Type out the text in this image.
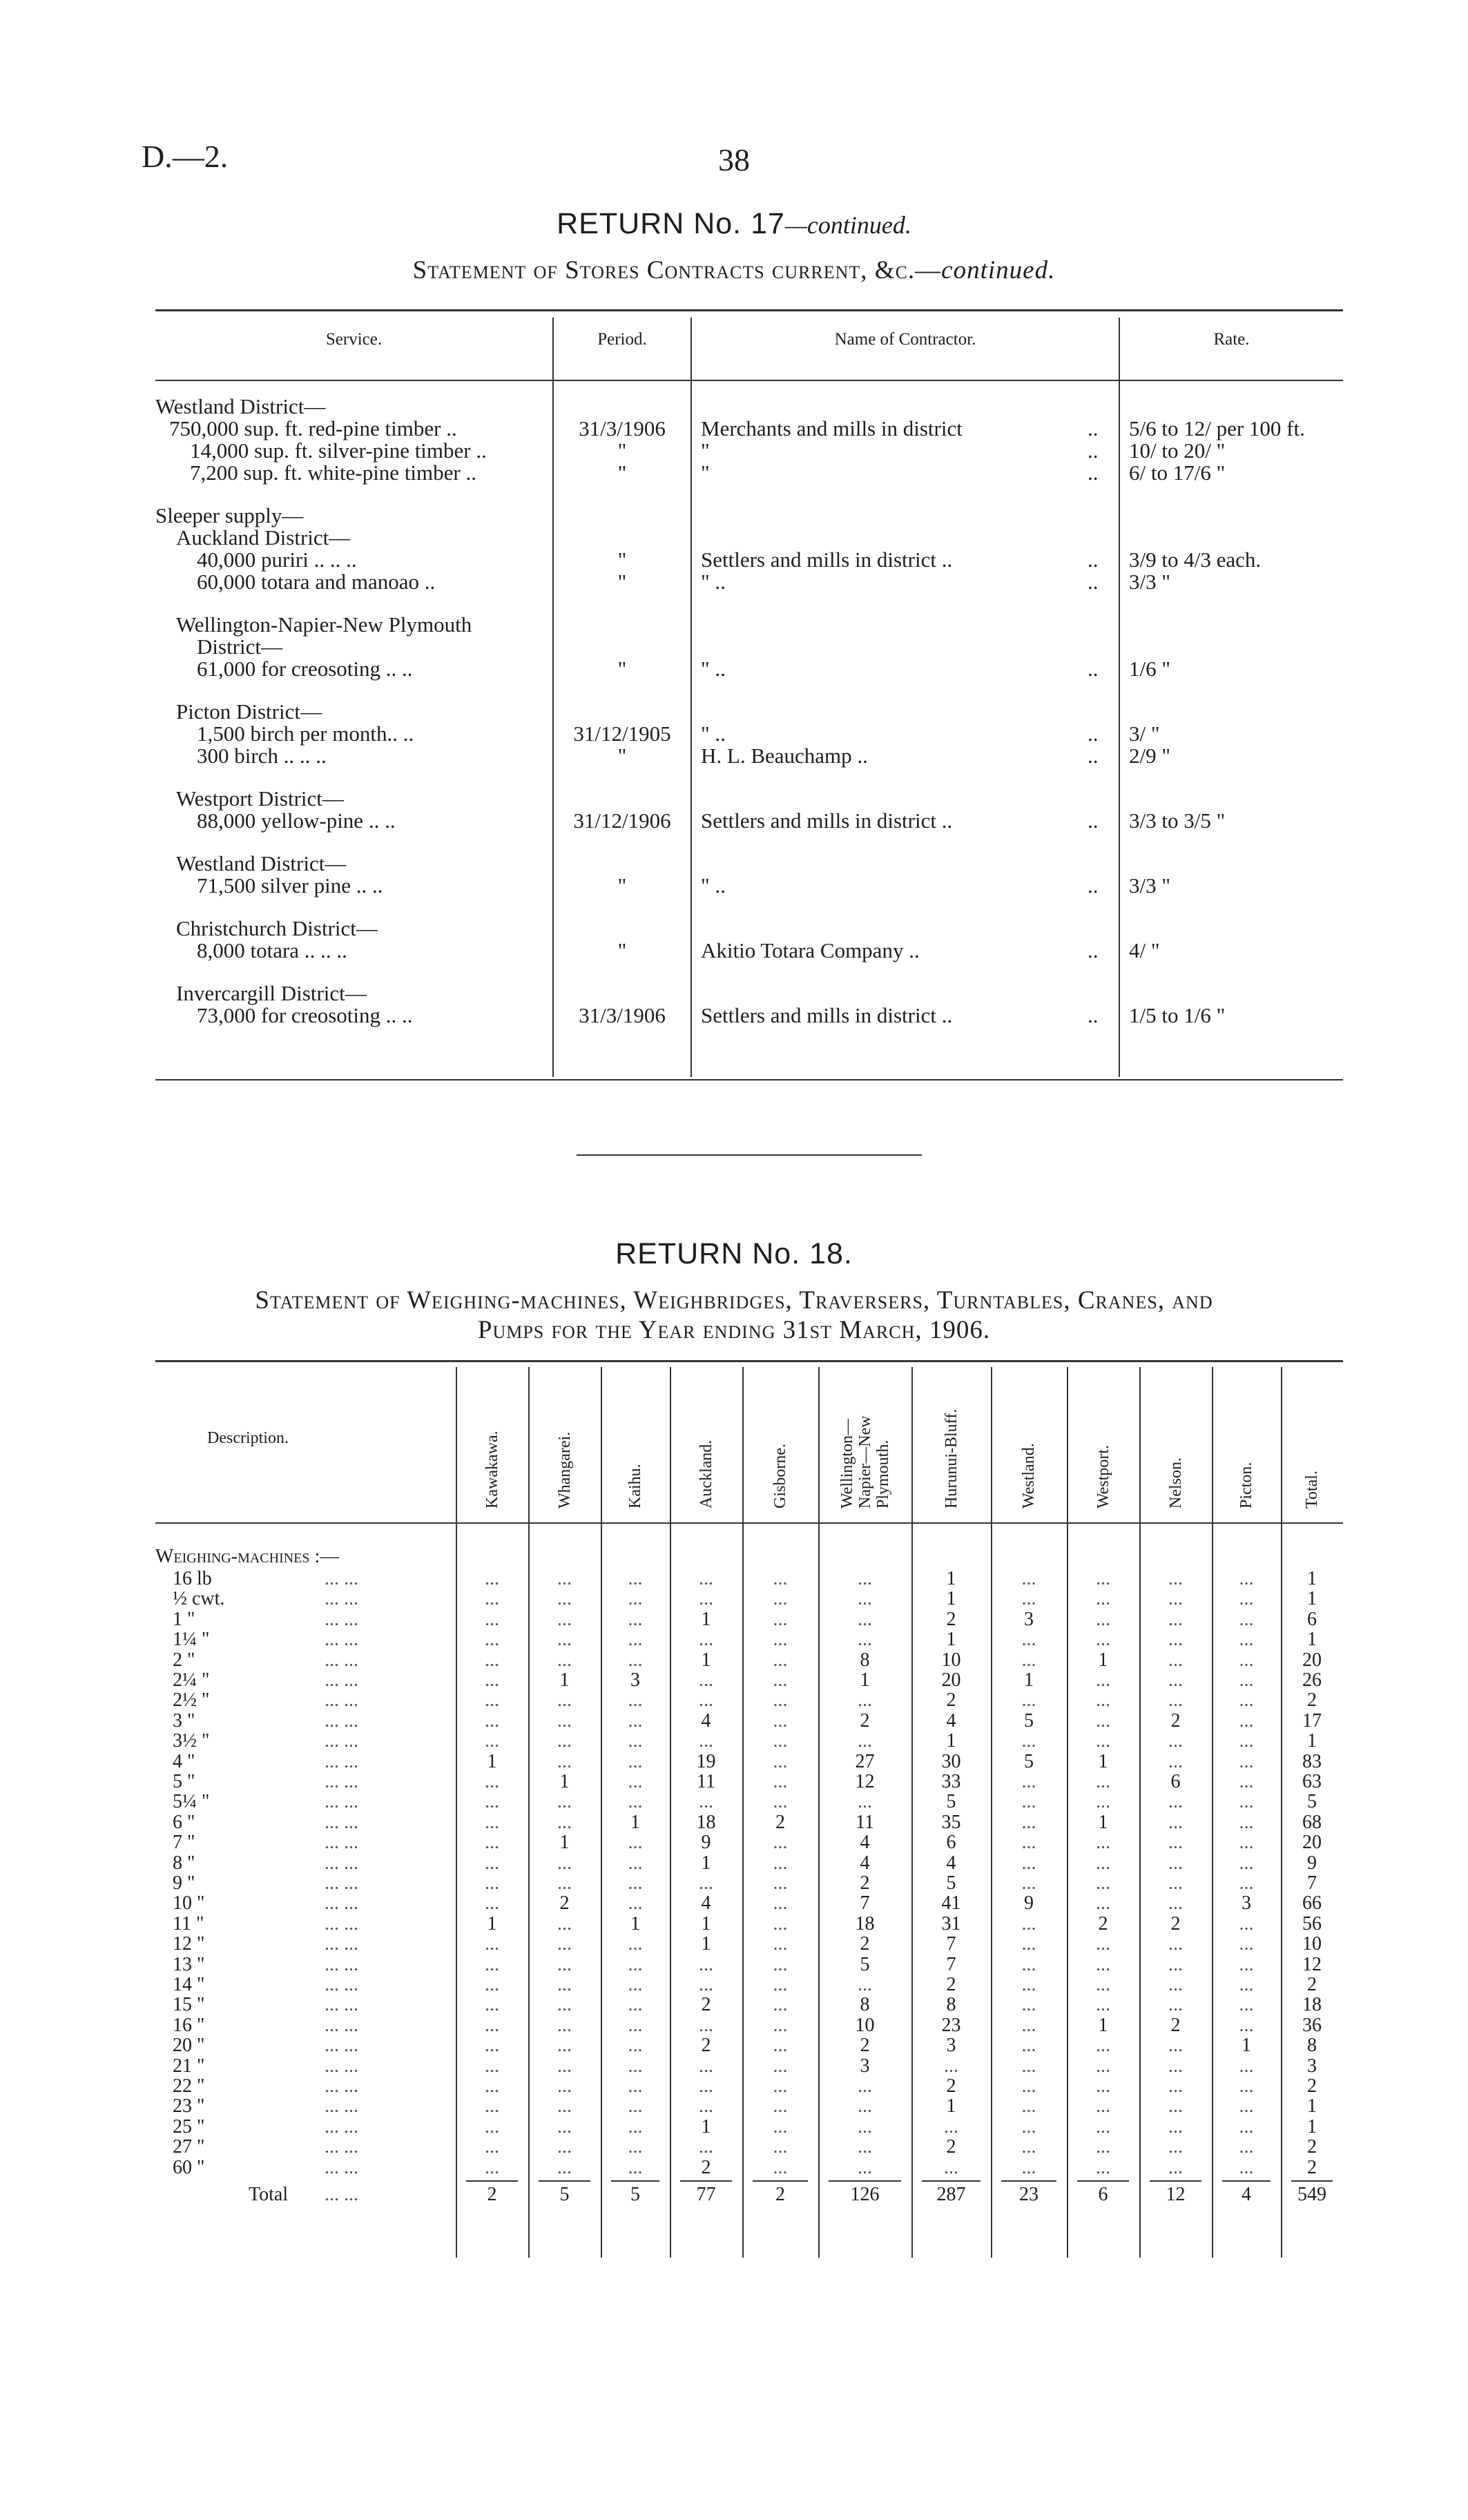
D.—2.	38
RETURN No. 17—continued.
Statement of Stores Contracts current, &c.—continued.
Service.	Period.	Name of Contractor.	Rate.
Westland District—
750,000 sup. ft. red-pine timber ..	31/3/1906	Merchants and mills in district	.. 5/6 to 12/ per 100 ft.
14,000 sup. ft. silver-pine timber ..	"	"	.. 10/ to 20/ "
7,200 sup. ft. white-pine timber ..	"	"	.. 6/ to 17/6 "
Sleeper supply—
Auckland District—
40,000 puriri .. .. ..	"	Settlers and mills in district ..	.. 3/9 to 4/3 each.
60,000 totara and manoao ..	"	" ..	.. 3/3 "
Wellington-Napier-New Plymouth
District—
61,000 for creosoting .. ..	"	" ..	.. 1/6 "
Picton District—
1,500 birch per month.. ..	31/12/1905	" ..	.. 3/ "
300 birch .. .. ..	"	H. L. Beauchamp ..	.. 2/9 "
Westport District—
88,000 yellow-pine .. ..	31/12/1906	Settlers and mills in district ..	.. 3/3 to 3/5 "
Westland District—
71,500 silver pine .. ..	"	" ..	.. 3/3 "
Christchurch District—
8,000 totara .. .. ..	"	Akitio Totara Company ..	.. 4/ "
Invercargill District—
73,000 for creosoting .. ..	31/3/1906	Settlers and mills in district ..	.. 1/5 to 1/6 "
RETURN No. 18.
Statement of Weighing-machines, Weighbridges, Traversers, Turntables, Cranes, and
Pumps for the Year ending 31st March, 1906.
Description.	Kawakawa.	Whangarei.	Kaihu.	Auckland.	Gisborne.	Wellington— Napier—New Plymouth.	Hurunui-Bluff.	Westland.	Westport.	Nelson.	Picton.	Total.
Weighing-machines :—
16 lb	... ...	...	...	...	...	...	...	1	...	...	...	...	1
½ cwt.	... ...	...	...	...	...	...	...	1	...	...	...	...	1
1 "	... ...	...	...	...	1	...	...	2	3	...	...	...	6
1¼ "	... ...	...	...	...	...	...	...	1	...	...	...	...	1
2 "	... ...	...	...	...	1	...	8	10	...	1	...	...	20
2¼ "	... ...	...	1	3	...	...	1	20	1	...	...	...	26
2½ "	... ...	...	...	...	...	...	...	2	...	...	...	...	2
3 "	... ...	...	...	...	4	...	2	4	5	...	2	...	17
3½ "	... ...	...	...	...	...	...	...	1	...	...	...	...	1
4 "	... ...	1	...	...	19	...	27	30	5	1	...	...	83
5 "	... ...	...	1	...	11	...	12	33	...	...	6	...	63
5¼ "	... ...	...	...	...	...	...	...	5	...	...	...	...	5
6 "	... ...	...	...	1	18	2	11	35	...	1	...	...	68
7 "	... ...	...	1	...	9	...	4	6	...	...	...	...	20
8 "	... ...	...	...	...	1	...	4	4	...	...	...	...	9
9 "	... ...	...	...	...	...	...	2	5	...	...	...	...	7
10 "	... ...	...	2	...	4	...	7	41	9	...	...	3	66
11 "	... ...	1	...	1	1	...	18	31	...	2	2	...	56
12 "	... ...	...	...	...	1	...	2	7	...	...	...	...	10
13 "	... ...	...	...	...	...	...	5	7	...	...	...	...	12
14 "	... ...	...	...	...	...	...	...	2	...	...	...	...	2
15 "	... ...	...	...	...	2	...	8	8	...	...	...	...	18
16 "	... ...	...	...	...	...	...	10	23	...	1	2	...	36
20 "	... ...	...	...	...	2	...	2	3	...	...	...	1	8
21 "	... ...	...	...	...	...	...	3	...	...	...	...	...	3
22 "	... ...	...	...	...	...	...	...	2	...	...	...	...	2
23 "	... ...	...	...	...	...	...	...	1	...	...	...	...	1
25 "	... ...	...	...	...	1	...	...	...	...	...	...	...	1
27 "	... ...	...	...	...	...	...	...	2	...	...	...	...	2
60 "	... ...	...	...	...	2	...	...	...	...	...	...	...	2
Total ... ...	2	5	5	77	2	126	287	23	6	12	4	549
